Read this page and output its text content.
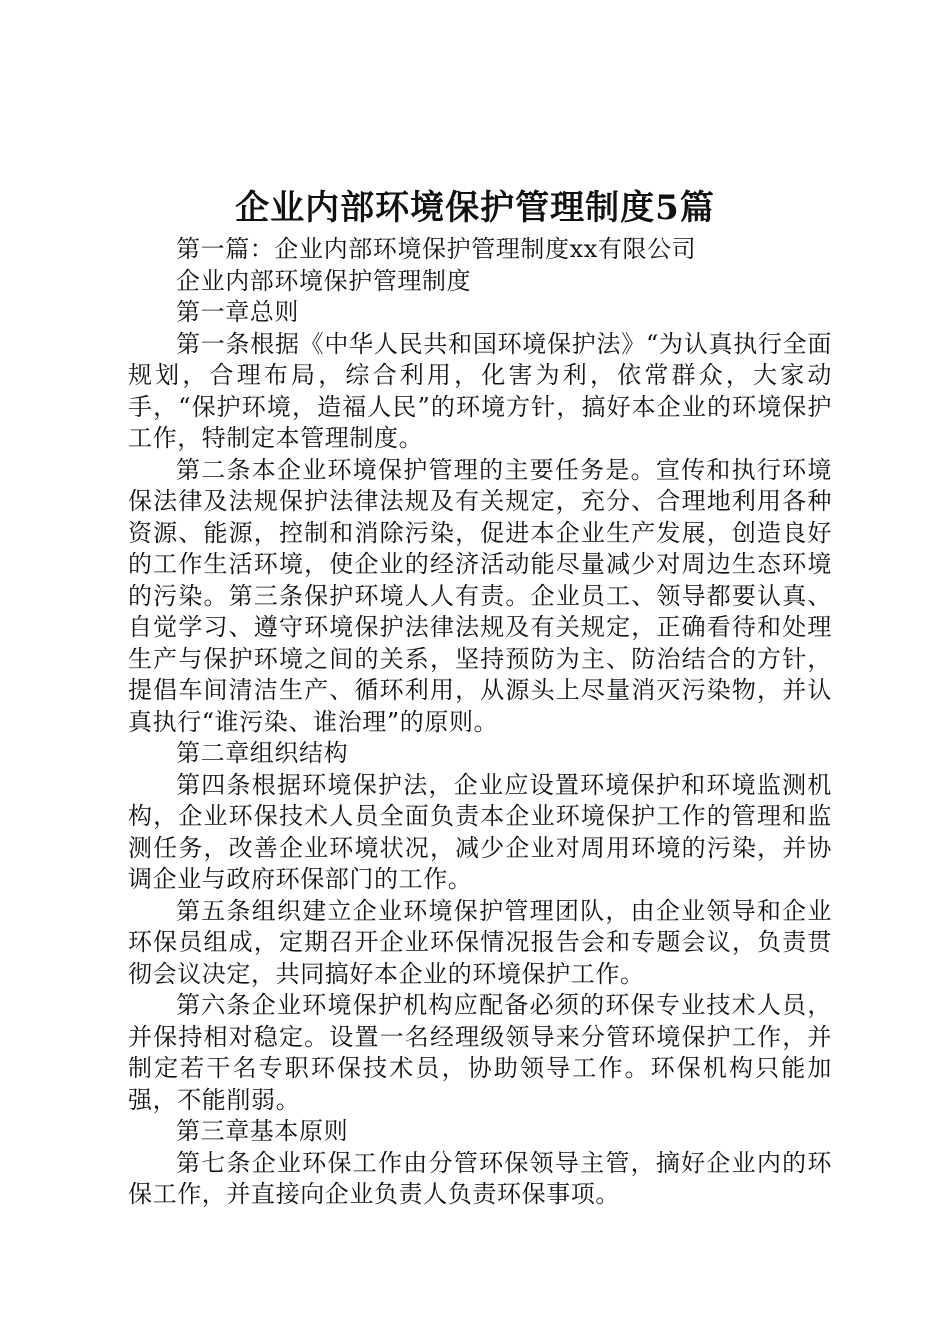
企业内部环境保护管理制度5篇

第一篇：企业内部环境保护管理制度xx有限公司

企业内部环境保护管理制度

第一章总则

第一条根据《中华人民共和国环境保护法》“为认真执行全面规划，合理布局，综合利用，化害为利，依常群众，大家动手，“保护环境，造福人民”的环境方针，搞好本企业的环境保护工作，特制定本管理制度。

第二条本企业环境保护管理的主要任务是。宣传和执行环境保法律及法规保护法律法规及有关规定，充分、合理地利用各种资源、能源，控制和消除污染，促进本企业生产发展，创造良好的工作生活环境，使企业的经济活动能尽量减少对周边生态环境的污染。第三条保护环境人人有责。企业员工、领导都要认真、自觉学习、遵守环境保护法律法规及有关规定，正确看待和处理生产与保护环境之间的关系，坚持预防为主、防治结合的方针，提倡车间清洁生产、循环利用，从源头上尽量消灭污染物，并认真执行“谁污染、谁治理”的原则。

第二章组织结构

第四条根据环境保护法，企业应设置环境保护和环境监测机构，企业环保技术人员全面负责本企业环境保护工作的管理和监测任务，改善企业环境状况，减少企业对周用环境的污染，并协调企业与政府环保部门的工作。

第五条组织建立企业环境保护管理团队，由企业领导和企业环保员组成，定期召开企业环保情况报告会和专题会议，负责贯彻会议决定，共同搞好本企业的环境保护工作。

第六条企业环境保护机构应配备必须的环保专业技术人员，并保持相对稳定。设置一名经理级领导来分管环境保护工作，并制定若干名专职环保技术员，协助领导工作。环保机构只能加强，不能削弱。

第三章基本原则

第七条企业环保工作由分管环保领导主管，摘好企业内的环保工作，并直接向企业负责人负责环保事项。
